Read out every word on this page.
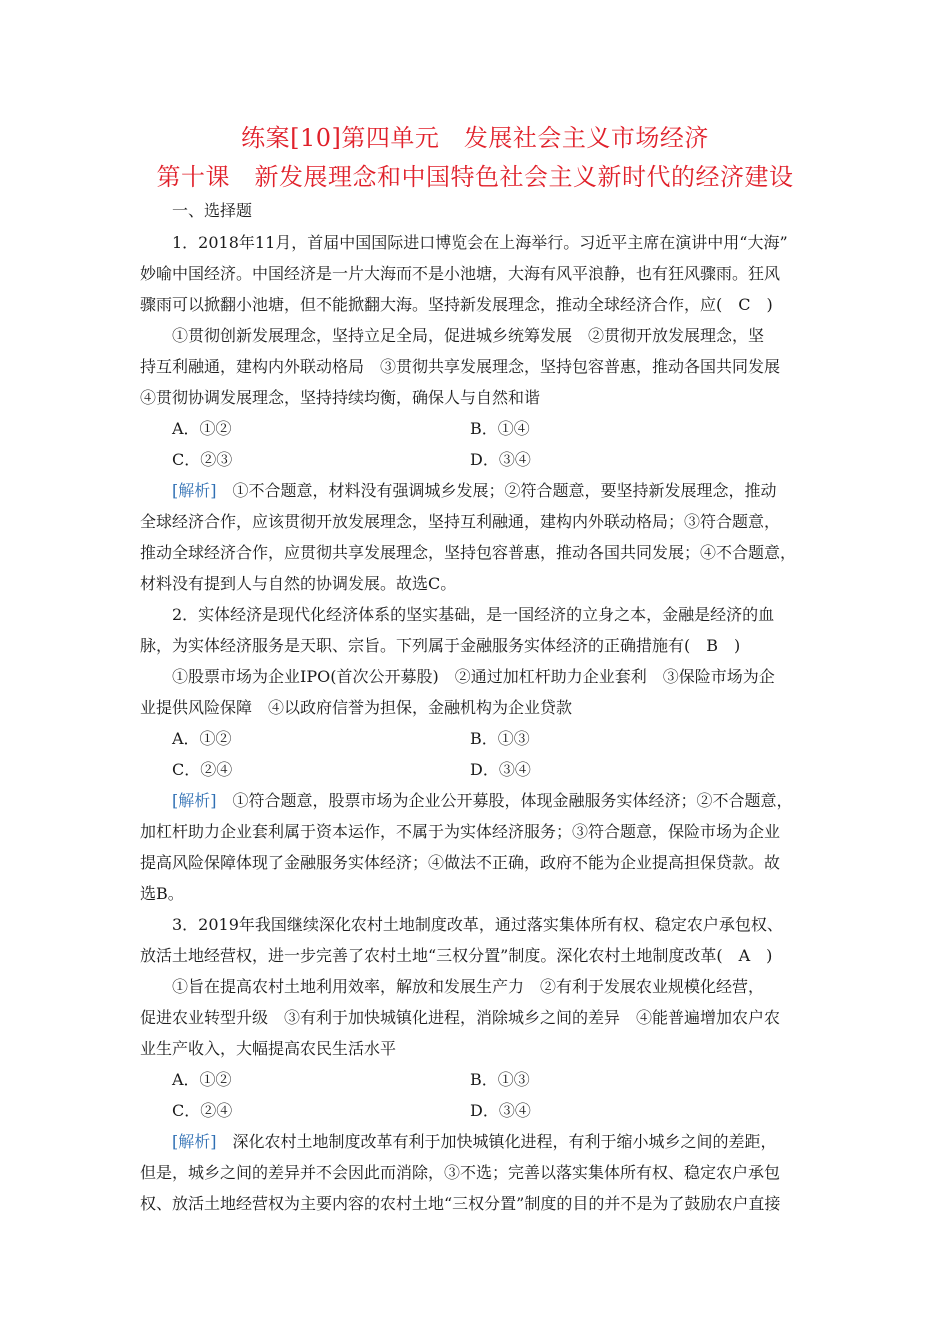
练案[10]第四单元　发展社会主义市场经济
第十课　新发展理念和中国特色社会主义新时代的经济建设
一、选择题
1．2018年11月，首届中国国际进口博览会在上海举行。习近平主席在演讲中用“大海”
妙喻中国经济。中国经济是一片大海而不是小池塘，大海有风平浪静，也有狂风骤雨。狂风
骤雨可以掀翻小池塘，但不能掀翻大海。坚持新发展理念，推动全球经济合作，应(　C　)
①贯彻创新发展理念，坚持立足全局，促进城乡统筹发展　②贯彻开放发展理念，坚
持互利融通，建构内外联动格局　③贯彻共享发展理念，坚持包容普惠，推动各国共同发展
④贯彻协调发展理念，坚持持续均衡，确保人与自然和谐
A．①②	B．①④
C．②③	D．③④
[解析]　 ①不合题意，材料没有强调城乡发展；②符合题意，要坚持新发展理念，推动
全球经济合作，应该贯彻开放发展理念，坚持互利融通，建构内外联动格局；③符合题意，
推动全球经济合作，应贯彻共享发展理念，坚持包容普惠，推动各国共同发展；④不合题意，
材料没有提到人与自然的协调发展。故选C。
2．实体经济是现代化经济体系的坚实基础，是一国经济的立身之本，金融是经济的血
脉，为实体经济服务是天职、宗旨。下列属于金融服务实体经济的正确措施有(　B　)
①股票市场为企业IPO(首次公开募股)　②通过加杠杆助力企业套利　③保险市场为企
业提供风险保障　④以政府信誉为担保，金融机构为企业贷款
A．①②	B．①③
C．②④	D．③④
[解析]　 ①符合题意，股票市场为企业公开募股，体现金融服务实体经济；②不合题意，
加杠杆助力企业套利属于资本运作，不属于为实体经济服务；③符合题意，保险市场为企业
提高风险保障体现了金融服务实体经济；④做法不正确，政府不能为企业提高担保贷款。故
选B。
3．2019年我国继续深化农村土地制度改革，通过落实集体所有权、稳定农户承包权、
放活土地经营权，进一步完善了农村土地“三权分置”制度。深化农村土地制度改革(　A　)
①旨在提高农村土地利用效率，解放和发展生产力　②有利于发展农业规模化经营，
促进农业转型升级　③有利于加快城镇化进程，消除城乡之间的差异　④能普遍增加农户农
业生产收入，大幅提高农民生活水平
A．①②	B．①③
C．②④	D．③④
[解析]　 深化农村土地制度改革有利于加快城镇化进程，有利于缩小城乡之间的差距，
但是，城乡之间的差异并不会因此而消除，③不选；完善以落实集体所有权、稳定农户承包
权、放活土地经营权为主要内容的农村土地“三权分置”制度的目的并不是为了鼓励农户直接
